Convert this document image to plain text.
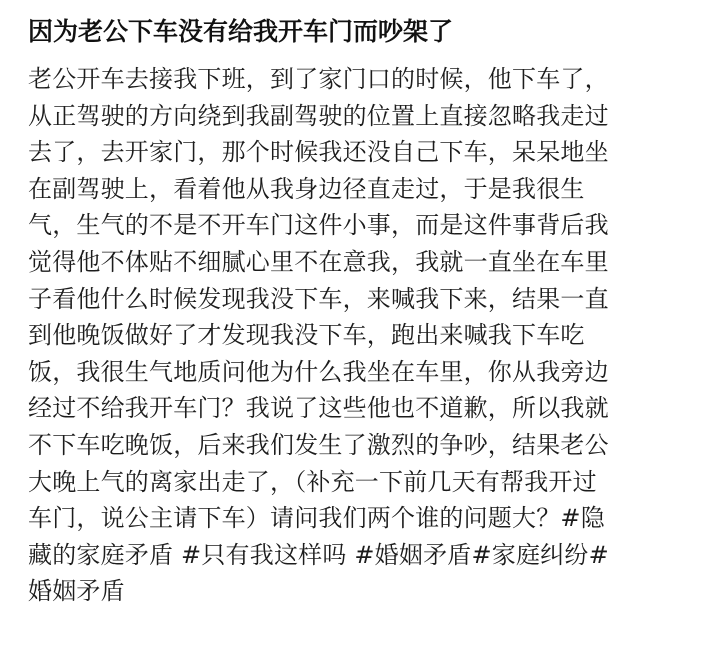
因为老公下车没有给我开车门而吵架了
老公开车去接我下班，到了家门口的时候，他下车了，
从正驾驶的方向绕到我副驾驶的位置上直接忽略我走过
去了，去开家门，那个时候我还没自己下车，呆呆地坐
在副驾驶上，看着他从我身边径直走过，于是我很生
气，生气的不是不开车门这件小事，而是这件事背后我
觉得他不体贴不细腻心里不在意我，我就一直坐在车里
子看他什么时候发现我没下车，来喊我下来，结果一直
到他晚饭做好了才发现我没下车，跑出来喊我下车吃
饭，我很生气地质问他为什么我坐在车里，你从我旁边
经过不给我开车门？我说了这些他也不道歉，所以我就
不下车吃晚饭，后来我们发生了激烈的争吵，结果老公
大晚上气的离家出走了，（补充一下前几天有帮我开过
车门，说公主请下车）请问我们两个谁的问题大？#隐
藏的家庭矛盾 #只有我这样吗 #婚姻矛盾#家庭纠纷#
婚姻矛盾
